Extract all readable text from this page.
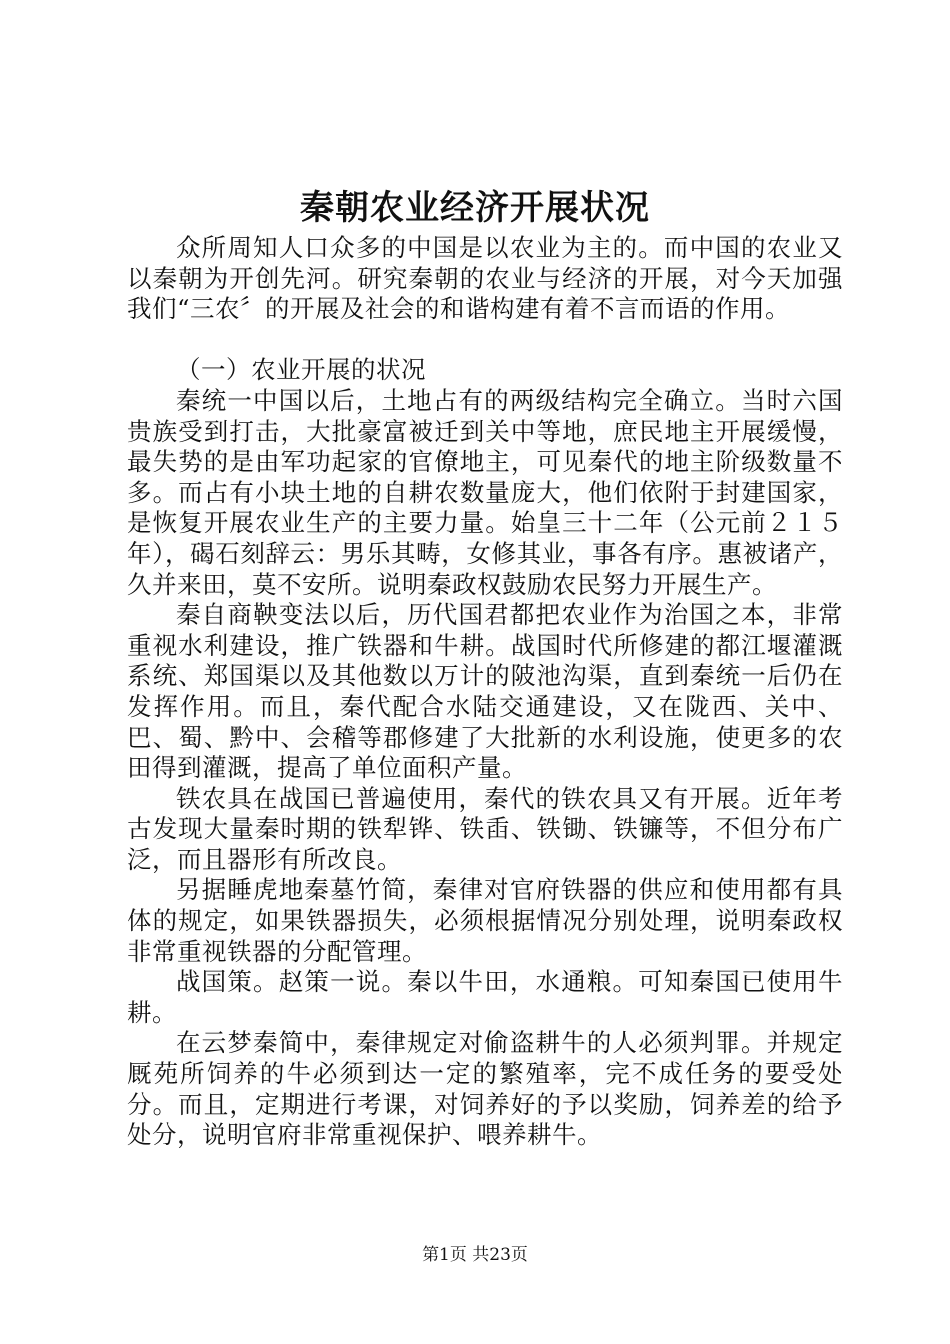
秦朝农业经济开展状况

众所周知人口众多的中国是以农业为主的。而中国的农业又以秦朝为开创先河。研究秦朝的农业与经济的开展，对今天加强我们“三农〞的开展及社会的和谐构建有着不言而语的作用。

（一）农业开展的状况

秦统一中国以后，土地占有的两级结构完全确立。当时六国贵族受到打击，大批豪富被迁到关中等地，庶民地主开展缓慢，最失势的是由军功起家的官僚地主，可见秦代的地主阶级数量不多。而占有小块土地的自耕农数量庞大，他们依附于封建国家，是恢复开展农业生产的主要力量。始皇三十二年（公元前２１５年），碣石刻辞云：男乐其畴，女修其业，事各有序。惠被诸产，久并来田，莫不安所。说明秦政权鼓励农民努力开展生产。

秦自商鞅变法以后，历代国君都把农业作为治国之本，非常重视水利建设，推广铁器和牛耕。战国时代所修建的都江堰灌溉系统、郑国渠以及其他数以万计的陂池沟渠，直到秦统一后仍在发挥作用。而且，秦代配合水陆交通建设，又在陇西、关中、巴、蜀、黔中、会稽等郡修建了大批新的水利设施，使更多的农田得到灌溉，提高了单位面积产量。

铁农具在战国已普遍使用，秦代的铁农具又有开展。近年考古发现大量秦时期的铁犁铧、铁臿、铁锄、铁镰等，不但分布广泛，而且器形有所改良。

另据睡虎地秦墓竹简，秦律对官府铁器的供应和使用都有具体的规定，如果铁器损失，必须根据情况分别处理，说明秦政权非常重视铁器的分配管理。

战国策。赵策一说。秦以牛田，水通粮。可知秦国已使用牛耕。

在云梦秦简中，秦律规定对偷盗耕牛的人必须判罪。并规定厩苑所饲养的牛必须到达一定的繁殖率，完不成任务的要受处分。而且，定期进行考课，对饲养好的予以奖励，饲养差的给予处分，说明官府非常重视保护、喂养耕牛。

第1页 共23页
